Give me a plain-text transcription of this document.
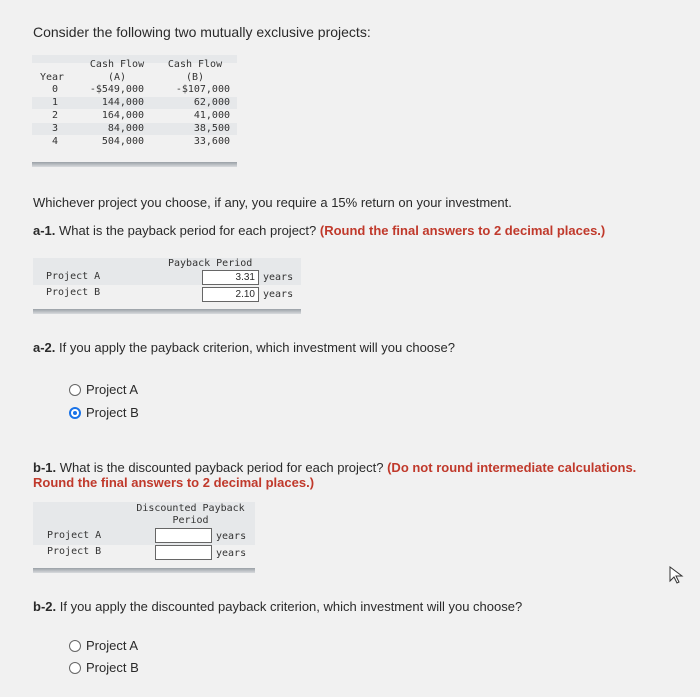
Consider the following two mutually exclusive projects:
Year
Cash Flow
(A)
Cash Flow
(B)
0	-$549,000	-$107,000
1	144,000	62,000
2	164,000	41,000
3	84,000	38,500
4	504,000	33,600
Whichever project you choose, if any, you require a 15% return on your investment.
a-1. What is the payback period for each project? (Round the final answers to 2 decimal places.)
Payback Period
Project A	3.31 years
Project B	2.10 years
a-2. If you apply the payback criterion, which investment will you choose?
Project A
Project B
b-1. What is the discounted payback period for each project? (Do not round intermediate calculations.
Round the final answers to 2 decimal places.)
Discounted Payback
Period
Project A	years
Project B	years
b-2. If you apply the discounted payback criterion, which investment will you choose?
Project A
Project B
